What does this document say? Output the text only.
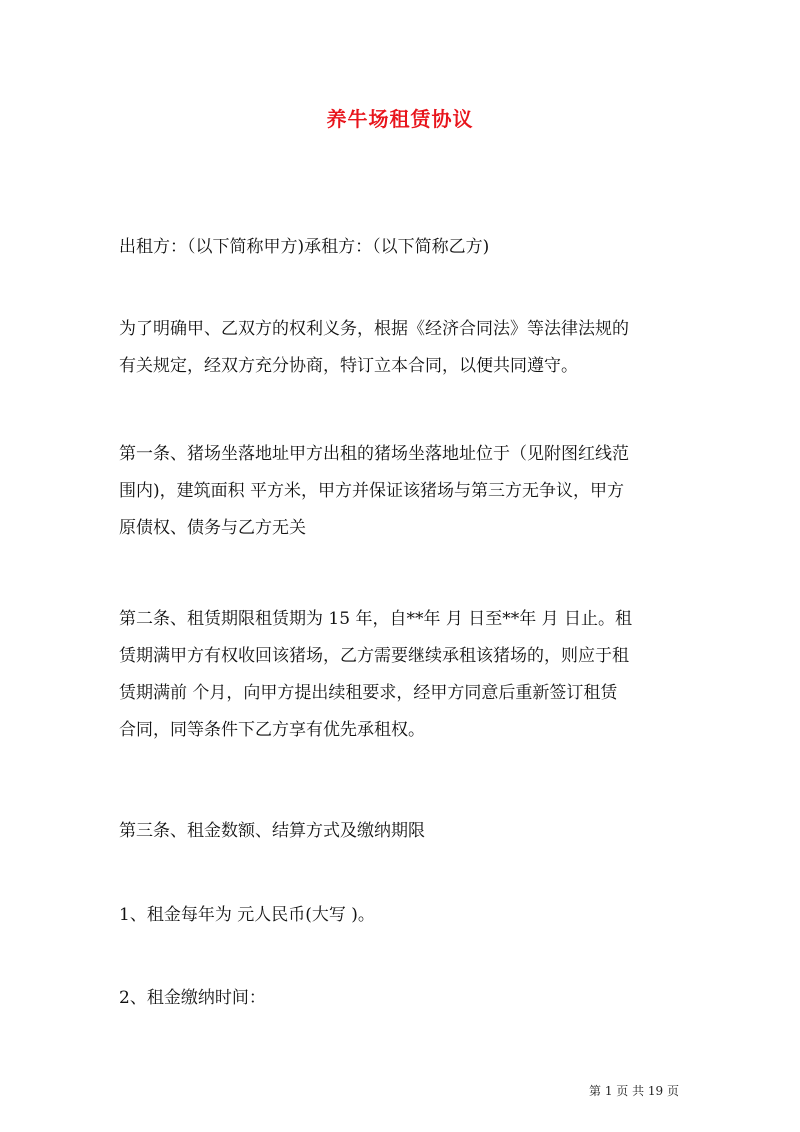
养牛场租赁协议

出租方：（以下简称甲方)承租方：（以下简称乙方)

为了明确甲、乙双方的权利义务，根据《经济合同法》等法律法规的
有关规定，经双方充分协商，特订立本合同，以便共同遵守。

第一条、猪场坐落地址甲方出租的猪场坐落地址位于（见附图红线范
围内)，建筑面积 平方米，甲方并保证该猪场与第三方无争议，甲方
原债权、债务与乙方无关

第二条、租赁期限租赁期为 15 年，自**年 月 日至**年 月 日止。租
赁期满甲方有权收回该猪场，乙方需要继续承租该猪场的，则应于租
赁期满前 个月，向甲方提出续租要求，经甲方同意后重新签订租赁
合同，同等条件下乙方享有优先承租权。

第三条、租金数额、结算方式及缴纳期限

1、租金每年为 元人民币(大写 )。

2、租金缴纳时间：

第 1 页 共 19 页
